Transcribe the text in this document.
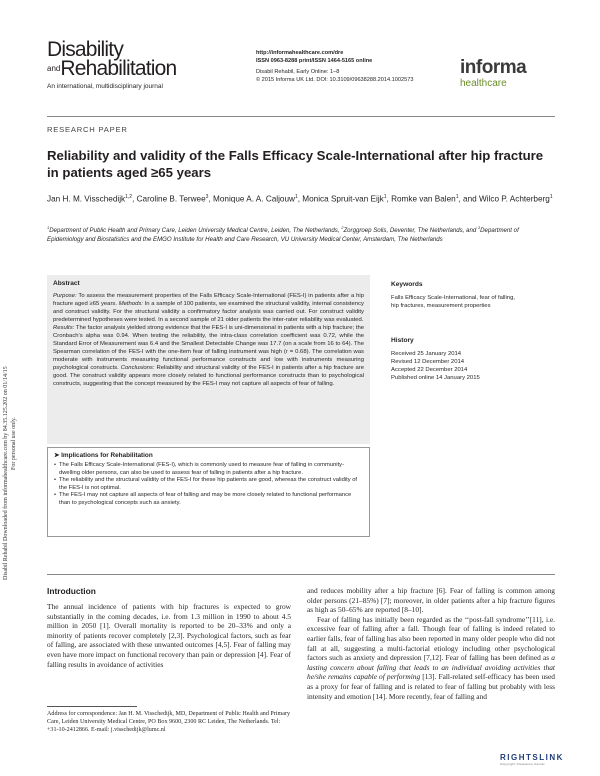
Disabil Rehabil Downloaded from informahealthcare.com by 84.35.125.202 on 01/14/15 For personal use only.
Disability
$^{and}$Rehabilitation
An international, multidisciplinary journal
http://informahealthcare.com/dre
ISSN 0963-8288 print/ISSN 1464-5165 online
Disabil Rehabil, Early Online: 1–8
© 2015 Informa UK Ltd. DOI: 10.3109/09638288.2014.1002573
informa
healthcare
RESEARCH PAPER
Reliability and validity of the Falls Efficacy Scale-International after hip fracture in patients aged ≥65 years
Jan H. M. Visschedijk$^{1,2}$, Caroline B. Terwee$^3$, Monique A. A. Caljouw$^1$, Monica Spruit-van Eijk$^1$, Romke van Balen$^1$, and Wilco P. Achterberg$^1$
$^1$Department of Public Health and Primary Care, Leiden University Medical Centre, Leiden, The Netherlands, $^2$Zorggroep Solis, Deventer, The Netherlands, and $^3$Department of Epidemiology and Biostatistics and the EMGO Institute for Health and Care Research, VU University Medical Center, Amsterdam, The Netherlands
Abstract
Purpose: To assess the measurement properties of the Falls Efficacy Scale-International (FES-I) in patients after a hip fracture aged ≥65 years. Methods: In a sample of 100 patients, we examined the structural validity, internal consistency and construct validity. For the structural validity a confirmatory factor analysis was carried out. For construct validity predetermined hypotheses were tested. In a second sample of 21 older patients the inter-rater reliability was evaluated.
Results: The factor analysis yielded strong evidence that the FES-I is uni-dimensional in patients with a hip fracture; the Cronbach’s alpha was 0.94. When testing the reliability, the intra-class correlation coefficient was 0.72, while the Standard Error of Measurement was 6.4 and the Smallest Detectable Change was 17.7 (on a scale from 16 to 64). The Spearman correlation of the FES-I with the one-item fear of falling instrument was high (r = 0.68). The correlation was moderate with instruments measuring functional performance constructs and low with instruments measuring psychological constructs. Conclusions: Reliability and structural validity of the FES-I in patients after a hip fracture are good. The construct validity appears more closely related to functional performance constructs than to psychological constructs, suggesting that the concept measured by the FES-I may not capture all aspects of fear of falling.
Keywords
Falls Efficacy Scale-International, fear of falling, hip fractures, measurement properties
History
Received 25 January 2014
Revised 12 December 2014
Accepted 22 December 2014
Published online 14 January 2015
➤ Implications for Rehabilitation
• The Falls Efficacy Scale-International (FES-I), which is commonly used to measure fear of falling in community-dwelling older persons, can also be used to assess fear of falling in patients after a hip fracture.
• The reliability and the structural validity of the FES-I for these hip patients are good, whereas the construct validity of the FES-I is not optimal.
• The FES-I may not capture all aspects of fear of falling and may be more closely related to functional performance than to psychological concepts such as anxiety.
Introduction

The annual incidence of patients with hip fractures is expected to grow substantially in the coming decades, i.e. from 1.3 million in 1990 to about 4.5 million in 2050 [1]. Overall mortality is reported to be 20–33% and only a minority of patients recover completely [2,3]. Psychological factors, such as fear of falling, are associated with these unwanted outcomes [4,5]. Fear of falling may even have more impact on functional recovery than pain or depression [4]. Fear of falling results in avoidance of activities

and reduces mobility after a hip fracture [6]. Fear of falling is common among older persons (21–85%) [7]; moreover, in older patients after a hip fracture figures as high as 50–65% are reported [8–10].

Fear of falling has initially been regarded as the ‘‘post-fall syndrome’’[11], i.e. excessive fear of falling after a fall. Though fear of falling is indeed related to earlier falls, fear of falling has also been reported in many older people who did not fall at all, suggesting a multi-factorial etiology including other psychological factors such as anxiety and depression [7,12]. Fear of falling has been defined as a lasting concern about falling that leads to an individual avoiding activities that he/she remains capable of performing [13]. Fall-related self-efficacy has been used as a proxy for fear of falling and is related to fear of falling but probably with less intensity and emotion [14]. More recently, fear of falling and

Address for correspondence: Jan H. M. Visschedijk, MD, Department of Public Health and Primary Care, Leiden University Medical Centre, PO Box 9600, 2300 RC Leiden, The Netherlands. Tel: +31-10-2412866. E-mail: j.visschedijk@lumc.nl
RIGHTSLINK
Copyright Clearance Center
